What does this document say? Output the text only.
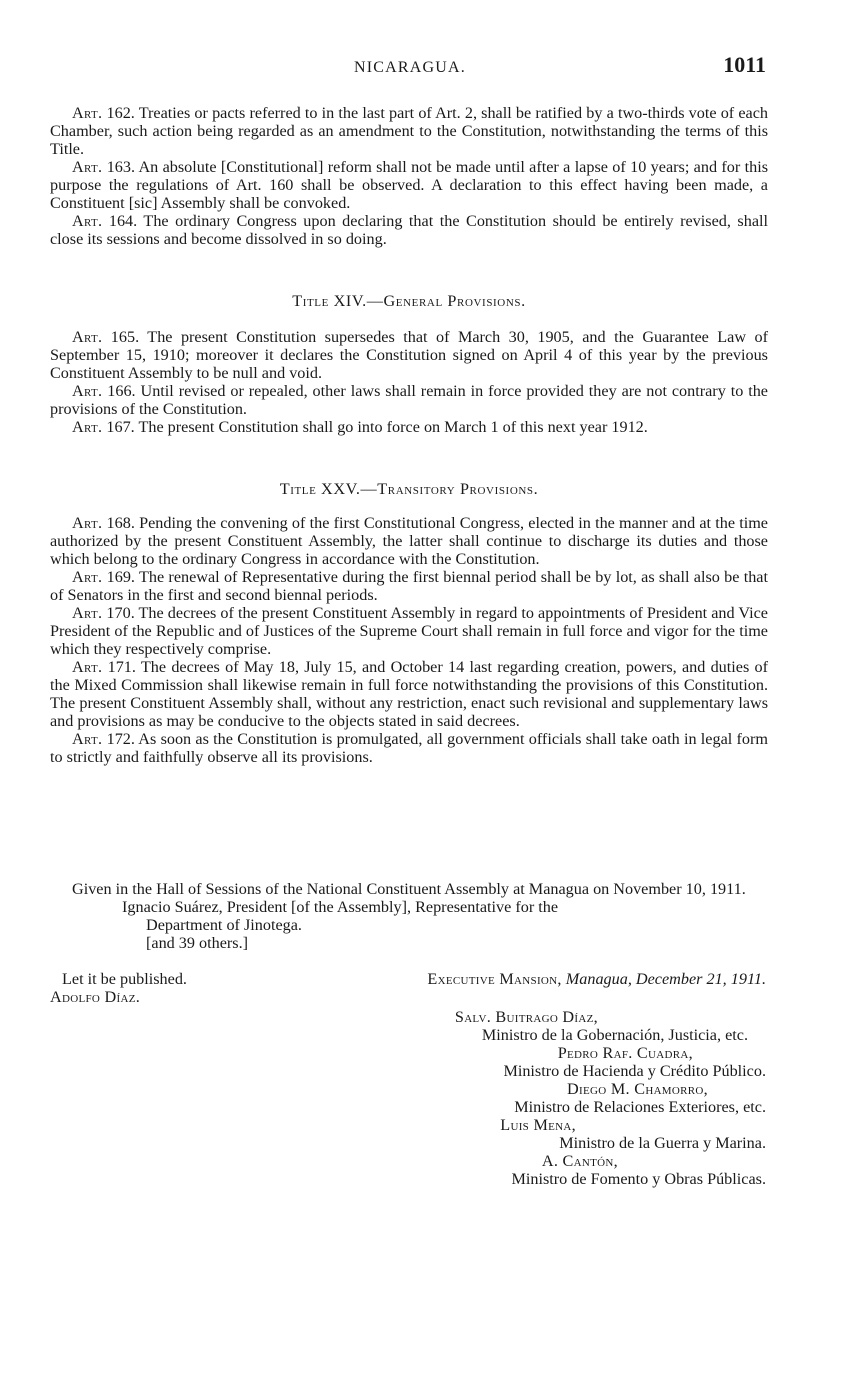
NICARAGUA.	1011

Art. 162. Treaties or pacts referred to in the last part of Art. 2, shall be ratified by a two-thirds vote of each Chamber, such action being regarded as an amendment to the Constitution, notwithstanding the terms of this Title.

Art. 163. An absolute [Constitutional] reform shall not be made until after a lapse of 10 years; and for this purpose the regulations of Art. 160 shall be observed. A declaration to this effect having been made, a Constituent [sic] Assembly shall be convoked.

Art. 164. The ordinary Congress upon declaring that the Constitution should be entirely revised, shall close its sessions and become dissolved in so doing.

Title XIV.—General Provisions.

Art. 165. The present Constitution supersedes that of March 30, 1905, and the Guarantee Law of September 15, 1910; moreover it declares the Constitution signed on April 4 of this year by the previous Constituent Assembly to be null and void.

Art. 166. Until revised or repealed, other laws shall remain in force provided they are not contrary to the provisions of the Constitution.

Art. 167. The present Constitution shall go into force on March 1 of this next year 1912.

Title XXV.—Transitory Provisions.

Art. 168. Pending the convening of the first Constitutional Congress, elected in the manner and at the time authorized by the present Constituent Assembly, the latter shall continue to discharge its duties and those which belong to the ordinary Congress in accordance with the Constitution.

Art. 169. The renewal of Representative during the first biennal period shall be by lot, as shall also be that of Senators in the first and second biennal periods.

Art. 170. The decrees of the present Constituent Assembly in regard to appointments of President and Vice President of the Republic and of Justices of the Supreme Court shall remain in full force and vigor for the time which they respectively comprise.

Art. 171. The decrees of May 18, July 15, and October 14 last regarding creation, powers, and duties of the Mixed Commission shall likewise remain in full force notwithstanding the provisions of this Constitution. The present Constituent Assembly shall, without any restriction, enact such revisional and supplementary laws and provisions as may be conducive to the objects stated in said decrees.

Art. 172. As soon as the Constitution is promulgated, all government officials shall take oath in legal form to strictly and faithfully observe all its provisions.

Given in the Hall of Sessions of the National Constituent Assembly at Managua on November 10, 1911.

Ignacio Suárez, President [of the Assembly], Representative for the

Department of Jinotega.

[and 39 others.]

Let it be published.	Executive Mansion, Managua, December 21, 1911.
Adolfo Díaz.
Salv. Buitrago Díaz,
Ministro de la Gobernación, Justicia, etc.
Pedro Raf. Cuadra,
Ministro de Hacienda y Crédito Público.
Diego M. Chamorro,
Ministro de Relaciones Exteriores, etc.
Luis Mena,
Ministro de la Guerra y Marina.
A. Cantón,
Ministro de Fomento y Obras Públicas.
